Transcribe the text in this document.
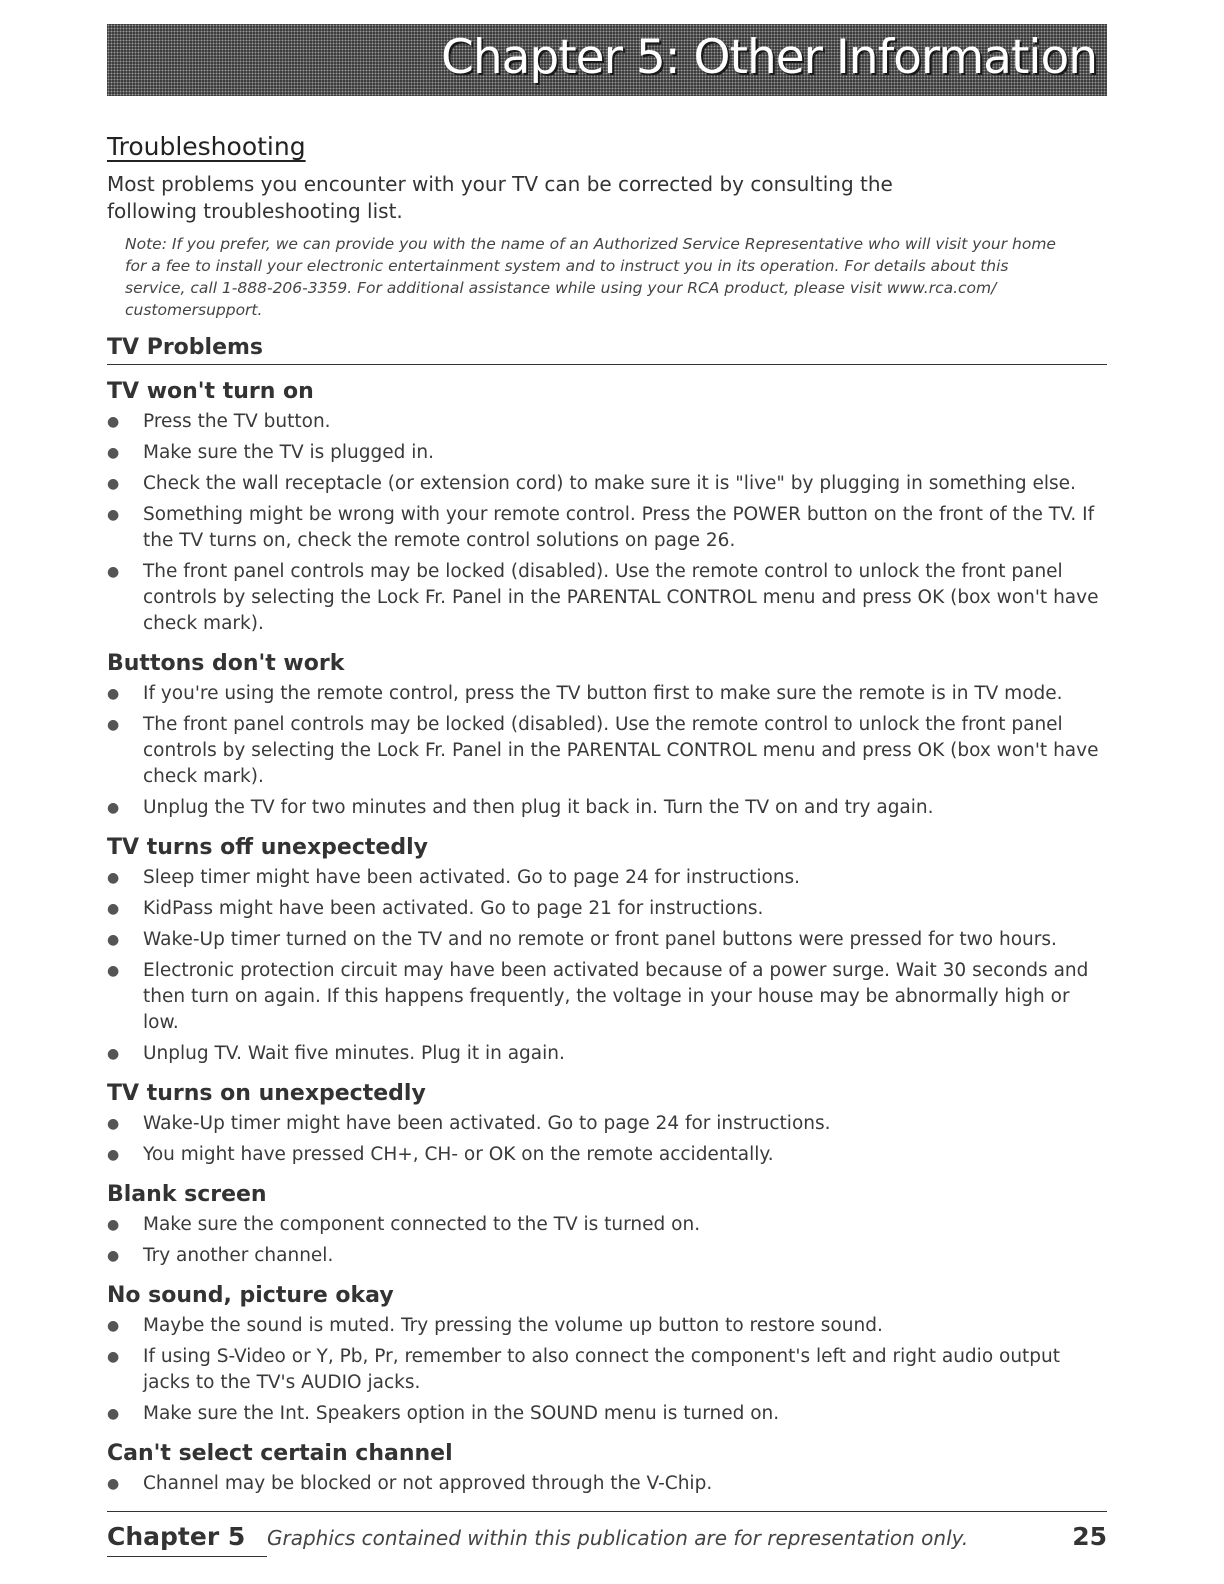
Chapter 5: Other Information
Troubleshooting
Most problems you encounter with your TV can be corrected by consulting the following troubleshooting list.
Note: If you prefer, we can provide you with the name of an Authorized Service Representative who will visit your home for a fee to install your electronic entertainment system and to instruct you in its operation. For details about this service, call 1-888-206-3359. For additional assistance while using your RCA product, please visit www.rca.com/ customersupport.
TV Problems
TV won't turn on
● Press the TV button.
● Make sure the TV is plugged in.
● Check the wall receptacle (or extension cord) to make sure it is "live" by plugging in something else.
● Something might be wrong with your remote control. Press the POWER button on the front of the TV. If the TV turns on, check the remote control solutions on page 26.
● The front panel controls may be locked (disabled). Use the remote control to unlock the front panel controls by selecting the Lock Fr. Panel in the PARENTAL CONTROL menu and press OK (box won't have check mark).
Buttons don't work
● If you're using the remote control, press the TV button first to make sure the remote is in TV mode.
● The front panel controls may be locked (disabled). Use the remote control to unlock the front panel controls by selecting the Lock Fr. Panel in the PARENTAL CONTROL menu and press OK (box won't have check mark).
● Unplug the TV for two minutes and then plug it back in. Turn the TV on and try again.
TV turns off unexpectedly
● Sleep timer might have been activated. Go to page 24 for instructions.
● KidPass might have been activated. Go to page 21 for instructions.
● Wake-Up timer turned on the TV and no remote or front panel buttons were pressed for two hours.
● Electronic protection circuit may have been activated because of a power surge. Wait 30 seconds and then turn on again. If this happens frequently, the voltage in your house may be abnormally high or low.
● Unplug TV. Wait five minutes. Plug it in again.
TV turns on unexpectedly
● Wake-Up timer might have been activated. Go to page 24 for instructions.
● You might have pressed CH+, CH- or OK on the remote accidentally.
Blank screen
● Make sure the component connected to the TV is turned on.
● Try another channel.
No sound, picture okay
● Maybe the sound is muted. Try pressing the volume up button to restore sound.
● If using S-Video or Y, Pb, Pr, remember to also connect the component's left and right audio output jacks to the TV's AUDIO jacks.
● Make sure the Int. Speakers option in the SOUND menu is turned on.
Can't select certain channel
● Channel may be blocked or not approved through the V-Chip.
Chapter 5 Graphics contained within this publication are for representation only.	25
